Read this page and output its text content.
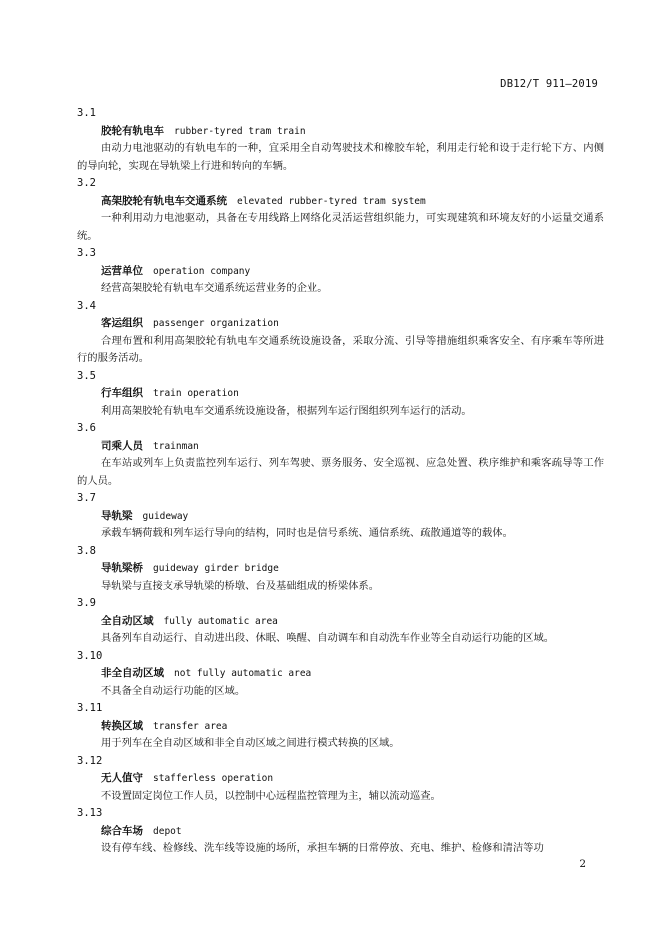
DB12/T 911—2019
3.1
胶轮有轨电车 rubber-tyred tram train
由动力电池驱动的有轨电车的一种，宜采用全自动驾驶技术和橡胶车轮，利用走行轮和设于走行轮下方、内侧的导向轮，实现在导轨梁上行进和转向的车辆。
3.2
高架胶轮有轨电车交通系统 elevated rubber-tyred tram system
一种利用动力电池驱动，具备在专用线路上网络化灵活运营组织能力，可实现建筑和环境友好的小运量交通系统。
3.3
运营单位 operation company
经营高架胶轮有轨电车交通系统运营业务的企业。
3.4
客运组织 passenger organization
合理布置和利用高架胶轮有轨电车交通系统设施设备，采取分流、引导等措施组织乘客安全、有序乘车等所进行的服务活动。
3.5
行车组织 train operation
利用高架胶轮有轨电车交通系统设施设备，根据列车运行图组织列车运行的活动。
3.6
司乘人员 trainman
在车站或列车上负责监控列车运行、列车驾驶、票务服务、安全巡视、应急处置、秩序维护和乘客疏导等工作的人员。
3.7
导轨梁 guideway
承载车辆荷载和列车运行导向的结构，同时也是信号系统、通信系统、疏散通道等的载体。
3.8
导轨梁桥 guideway girder bridge
导轨梁与直接支承导轨梁的桥墩、台及基础组成的桥梁体系。
3.9
全自动区域 fully automatic area
具备列车自动运行、自动进出段、休眠、唤醒、自动调车和自动洗车作业等全自动运行功能的区域。
3.10
非全自动区域 not fully automatic area
不具备全自动运行功能的区域。
3.11
转换区域 transfer area
用于列车在全自动区域和非全自动区域之间进行模式转换的区域。
3.12
无人值守 stafferless operation
不设置固定岗位工作人员，以控制中心远程监控管理为主，辅以流动巡查。
3.13
综合车场 depot
设有停车线、检修线、洗车线等设施的场所，承担车辆的日常停放、充电、维护、检修和清洁等功
2
